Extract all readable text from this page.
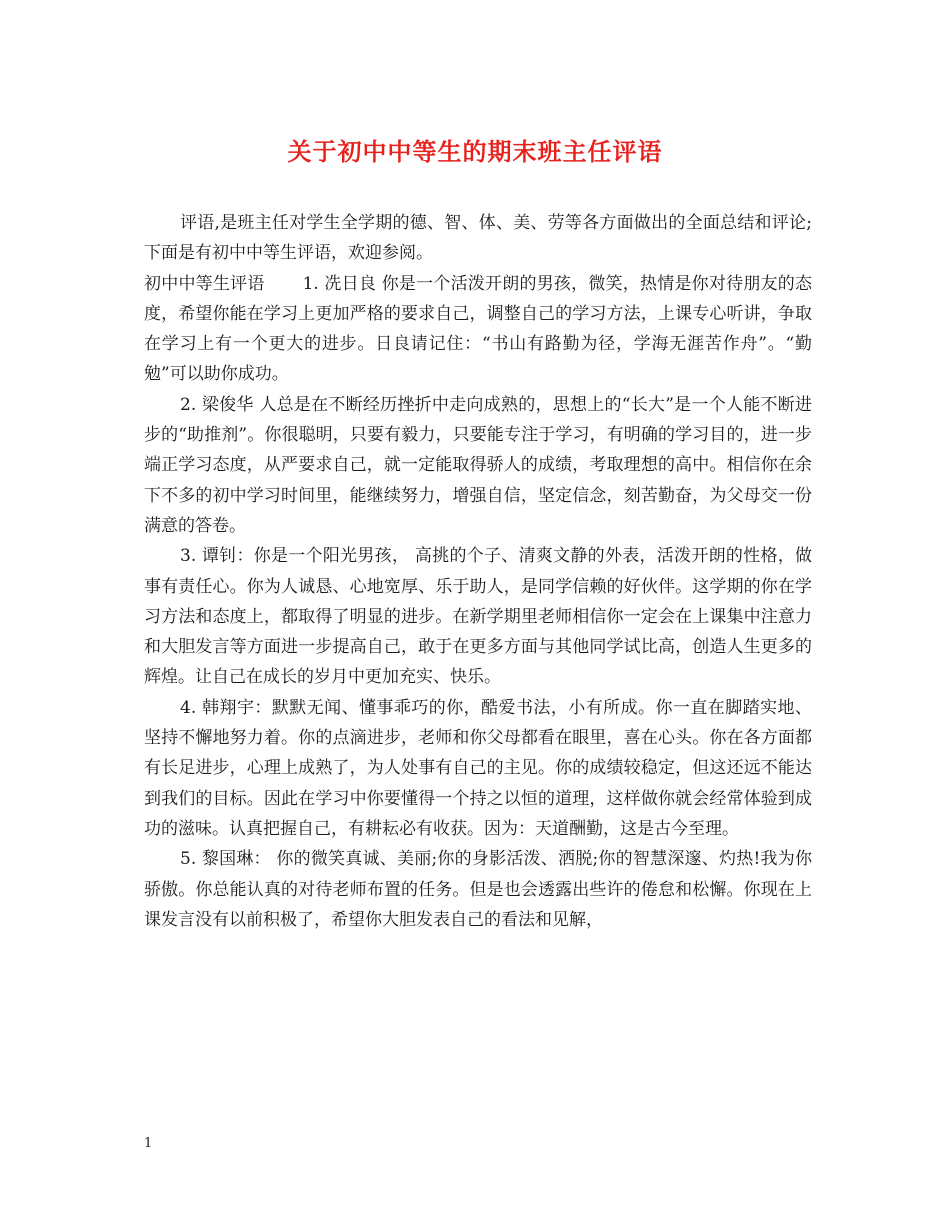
关于初中中等生的期末班主任评语

评语,是班主任对学生全学期的德、智、体、美、劳等各方面做出的全面总结和评论;下面是有初中中等生评语，欢迎参阅。

初中中等生评语 1. 冼日良 你是一个活泼开朗的男孩，微笑，热情是你对待朋友的态度，希望你能在学习上更加严格的要求自己，调整自己的学习方法，上课专心听讲，争取在学习上有一个更大的进步。日良请记住：“书山有路勤为径，学海无涯苦作舟”。“勤勉”可以助你成功。

2. 梁俊华 人总是在不断经历挫折中走向成熟的，思想上的“长大”是一个人能不断进步的“助推剂”。你很聪明，只要有毅力，只要能专注于学习，有明确的学习目的，进一步端正学习态度，从严要求自己，就一定能取得骄人的成绩，考取理想的高中。相信你在余下不多的初中学习时间里，能继续努力，增强自信，坚定信念，刻苦勤奋，为父母交一份满意的答卷。

3. 谭钊：你是一个阳光男孩， 高挑的个子、清爽文静的外表，活泼开朗的性格，做事有责任心。你为人诚恳、心地宽厚、乐于助人，是同学信赖的好伙伴。这学期的你在学习方法和态度上，都取得了明显的进步。在新学期里老师相信你一定会在上课集中注意力和大胆发言等方面进一步提高自己，敢于在更多方面与其他同学试比高，创造人生更多的辉煌。让自己在成长的岁月中更加充实、快乐。

4. 韩翔宇：默默无闻、懂事乖巧的你，酷爱书法，小有所成。你一直在脚踏实地、坚持不懈地努力着。你的点滴进步，老师和你父母都看在眼里，喜在心头。你在各方面都有长足进步，心理上成熟了，为人处事有自己的主见。你的成绩较稳定，但这还远不能达到我们的目标。因此在学习中你要懂得一个持之以恒的道理，这样做你就会经常体验到成功的滋味。认真把握自己，有耕耘必有收获。因为：天道酬勤，这是古今至理。

5. 黎国琳： 你的微笑真诚、美丽;你的身影活泼、洒脱;你的智慧深邃、灼热!我为你骄傲。你总能认真的对待老师布置的任务。但是也会透露出些许的倦怠和松懈。你现在上课发言没有以前积极了，希望你大胆发表自己的看法和见解，

1
